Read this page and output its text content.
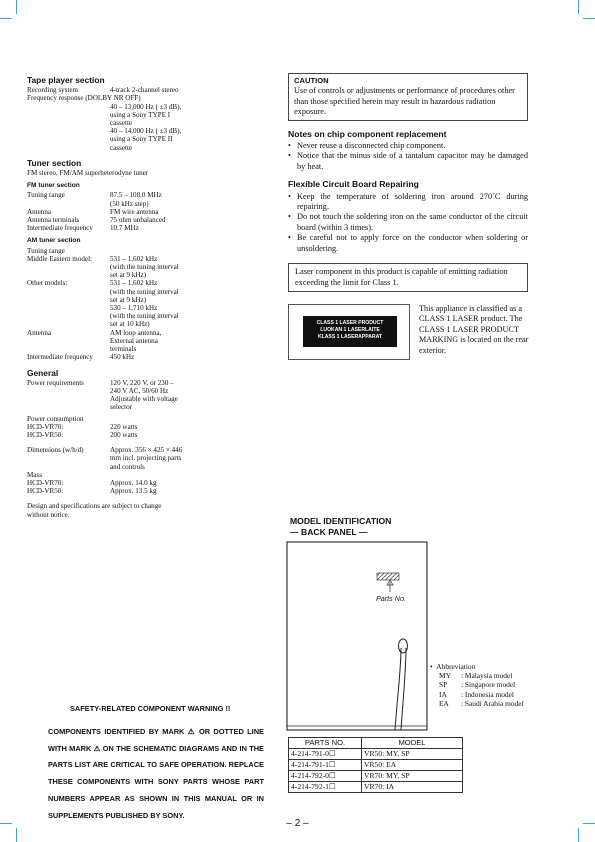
Tape player section
Recording system	4-track 2-channel stereo
Frequency response (DOLBY NR OFF)
40 – 13,000 Hz ( ±3 dB),
using a Sony TYPE I
cassette
40 – 14,000 Hz ( ±3 dB),
using a Sony TYPE II
cassette
Tuner section
FM stereo, FM/AM superheterodyne tuner
FM tuner section
Tuning range	87.5 – 108.0 MHz
(50 kHz step)
Antenna	FM wire antenna
Antenna terminals	75 ohm unbalanced
Intermediate frequency	10.7 MHz
AM tuner section
Tuning range
Middle Eastern model:	531 – 1,602 kHz
(with the tuning interval
set at 9 kHz)
Other models:	531 – 1,602 kHz
(with the tuning interval
set at 9 kHz)
530 – 1,710 kHz
(with the tuning interval
set at 10 kHz)
Antenna	AM loop antenna,
External antenna
terminals
Intermediate frequency	450 kHz
General
Power requirements	120 V, 220 V, or 230 –
240 V AC, 50/60 Hz
Adjustable with voltage
selector
Power consumption
HCD-VR70:	220 watts
HCD-VR50:	200 watts
Dimensions (w/h/d)	Approx. 356 × 425 × 446
mm incl. projecting parts
and controls
Mass
HCD-VR70:	Approx. 14.0 kg
HCD-VR50:	Approx. 13.5 kg
Design and specifications are subject to change
without notice.
CAUTION
Use of controls or adjustments or performance of procedures other than those specified herein may result in hazardous radiation exposure.
Notes on chip component replacement
• Never reuse a disconnected chip component.
• Notice that the minus side of a tantalum capacitor may be damaged by heat.
Flexible Circuit Board Repairing
• Keep the temperature of soldering iron around 270˚C during repairing.
• Do not touch the soldering iron on the same conductor of the circuit board (within 3 times).
• Be careful not to apply force on the conductor when soldering or unsoldering.
Laser component in this product is capable of emitting radiation exceeding the limit for Class 1.
CLASS 1 LASER PRODUCT
LUOKAN 1 LASERLAITE
KLASS 1 LASERAPPARAT
This appliance is classified as a CLASS 1 LASER product. The CLASS 1 LASER PRODUCT MARKING is located on the rear exterior.
MODEL IDENTIFICATION
— BACK PANEL —
Parts No.
•  Abbreviation
MY	: Malaysia model
SP	: Singapore model
IA	: Indonesia model
EA	: Saudi Arabia model
PARTS NO.	MODEL
4-214-791-0☐	VR50: MY, SP
4-214-791-1☐	VR50: EA
4-214-792-0☐	VR70: MY, SP
4-214-792-1☐	VR70: IA
SAFETY-RELATED COMPONENT WARNING !!
COMPONENTS IDENTIFIED BY MARK ⚠ OR DOTTED LINE WITH MARK ⚠ ON THE SCHEMATIC DIAGRAMS AND IN THE PARTS LIST ARE CRITICAL TO SAFE OPERATION. REPLACE THESE COMPONENTS WITH SONY PARTS WHOSE PART NUMBERS APPEAR AS SHOWN IN THIS MANUAL OR IN SUPPLEMENTS PUBLISHED BY SONY.
– 2 –
